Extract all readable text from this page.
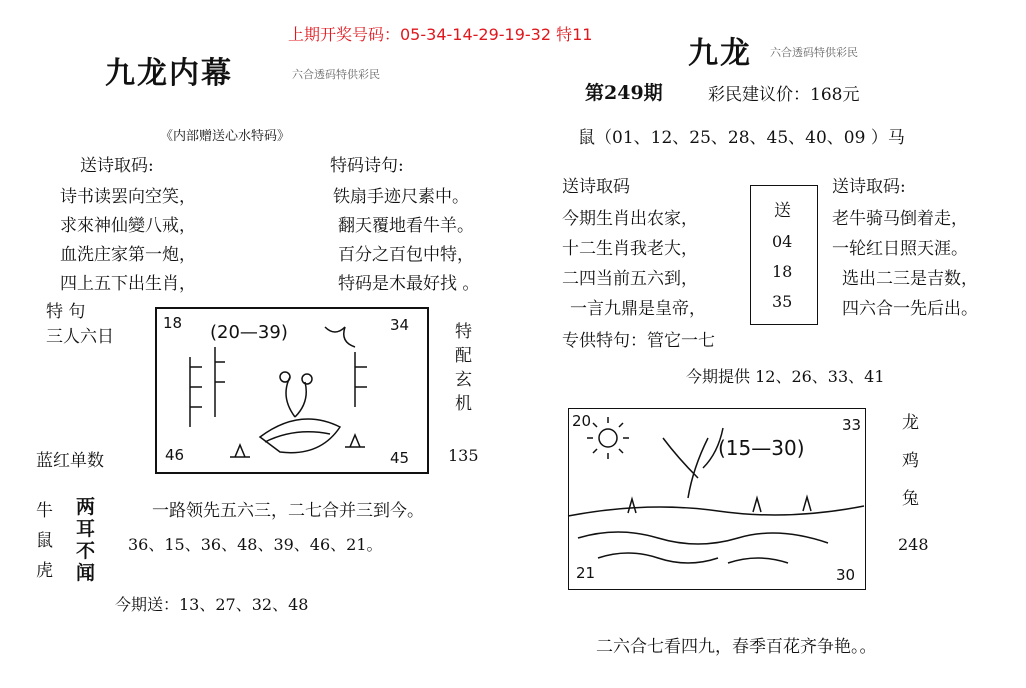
上期开奖号码：05-34-14-29-19-32 特11
九龙内幕	六合透码特供彩民
《内部赠送心水特码》
送诗取码:
诗书读罢向空笑，
求來神仙變八戒，
血洗庄家第一炮，
四上五下出生肖，
特码诗句:
铁扇手迹尺素中。
翻天覆地看牛羊。
百分之百包中特，
特码是木最好找 。
特 句
三人六日
18	34
46	45
(20—39)	特
配
玄
机
135
蓝红单数
牛
鼠
虎
两
耳
不
闻
一路领先五六三，二七合并三到今。
36、15、36、48、39、46、21。
今期送：13、27、32、48
九龙 六合透码特供彩民
第249期	彩民建议价：168元
鼠（01、12、25、28、45、40、09 ）马
送诗取码
今期生肖出农家，
十二生肖我老大，
二四当前五六到，
一言九鼎是皇帝，
送
04
18
35
送诗取码:
老牛骑马倒着走，
一轮红日照天涯。
选出二三是吉数，
四六合一先后出。
专供特句：管它一七
今期提供 12、26、33、41
20	33
21	30
(15—30)
龙
鸡
兔
248
二六合七看四九，春季百花齐争艳。。
